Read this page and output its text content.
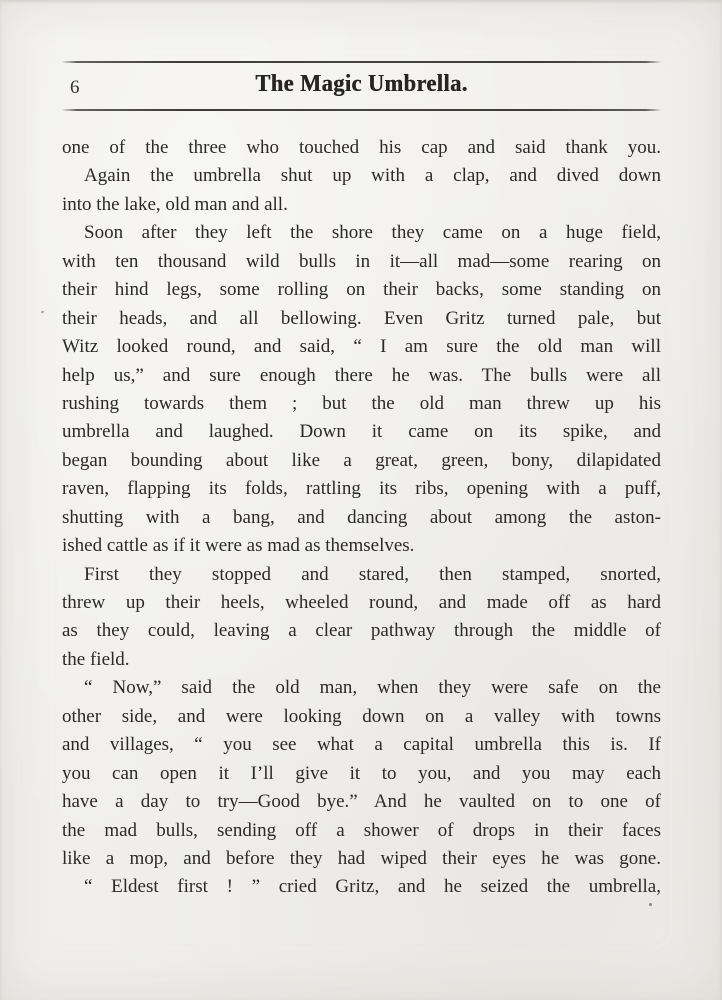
6	The Magic Umbrella.
one of the three who touched his cap and said thank you.
Again the umbrella shut up with a clap, and dived down
into the lake, old man and all.
Soon after they left the shore they came on a huge field,
with ten thousand wild bulls in it—all mad—some rearing on
their hind legs, some rolling on their backs, some standing on
their heads, and all bellowing. Even Gritz turned pale, but
Witz looked round, and said, “ I am sure the old man will
help us,” and sure enough there he was. The bulls were all
rushing towards them ; but the old man threw up his
umbrella and laughed. Down it came on its spike, and
began bounding about like a great, green, bony, dilapidated
raven, flapping its folds, rattling its ribs, opening with a puff,
shutting with a bang, and dancing about among the aston-
ished cattle as if it were as mad as themselves.
First they stopped and stared, then stamped, snorted,
threw up their heels, wheeled round, and made off as hard
as they could, leaving a clear pathway through the middle of
the field.
“ Now,” said the old man, when they were safe on the
other side, and were looking down on a valley with towns
and villages, “ you see what a capital umbrella this is. If
you can open it I’ll give it to you, and you may each
have a day to try—Good bye.” And he vaulted on to one of
the mad bulls, sending off a shower of drops in their faces
like a mop, and before they had wiped their eyes he was gone.
“ Eldest first ! ” cried Gritz, and he seized the umbrella,
